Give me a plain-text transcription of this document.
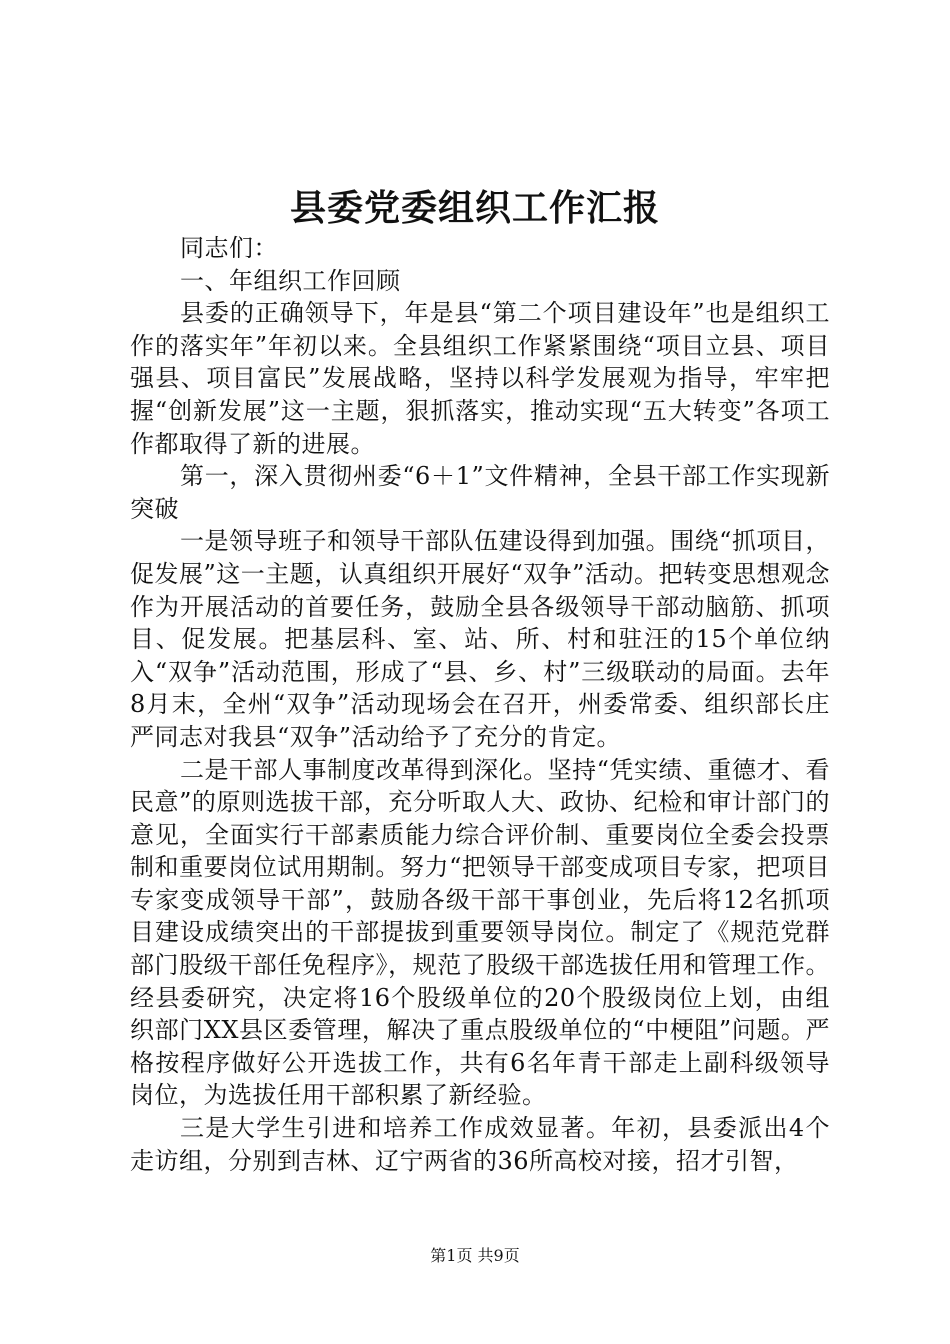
县委党委组织工作汇报

同志们：

一、年组织工作回顾

县委的正确领导下，年是县“第二个项目建设年”也是组织工作的落实年”年初以来。全县组织工作紧紧围绕“项目立县、项目强县、项目富民”发展战略，坚持以科学发展观为指导，牢牢把握“创新发展”这一主题，狠抓落实，推动实现“五大转变”各项工作都取得了新的进展。

第一，深入贯彻州委“6＋1”文件精神，全县干部工作实现新突破

一是领导班子和领导干部队伍建设得到加强。围绕“抓项目，促发展”这一主题，认真组织开展好“双争”活动。把转变思想观念作为开展活动的首要任务，鼓励全县各级领导干部动脑筋、抓项目、促发展。把基层科、室、站、所、村和驻汪的15个单位纳入“双争”活动范围，形成了“县、乡、村”三级联动的局面。去年8月末，全州“双争”活动现场会在召开，州委常委、组织部长庄严同志对我县“双争”活动给予了充分的肯定。

二是干部人事制度改革得到深化。坚持“凭实绩、重德才、看民意”的原则选拔干部，充分听取人大、政协、纪检和审计部门的意见，全面实行干部素质能力综合评价制、重要岗位全委会投票制和重要岗位试用期制。努力“把领导干部变成项目专家，把项目专家变成领导干部”，鼓励各级干部干事创业，先后将12名抓项目建设成绩突出的干部提拔到重要领导岗位。制定了《规范党群部门股级干部任免程序》，规范了股级干部选拔任用和管理工作。经县委研究，决定将16个股级单位的20个股级岗位上划，由组织部门XX县区委管理，解决了重点股级单位的“中梗阻”问题。严格按程序做好公开选拔工作，共有6名年青干部走上副科级领导岗位，为选拔任用干部积累了新经验。

三是大学生引进和培养工作成效显著。年初，县委派出4个走访组，分别到吉林、辽宁两省的36所高校对接，招才引智，

第1页 共9页
